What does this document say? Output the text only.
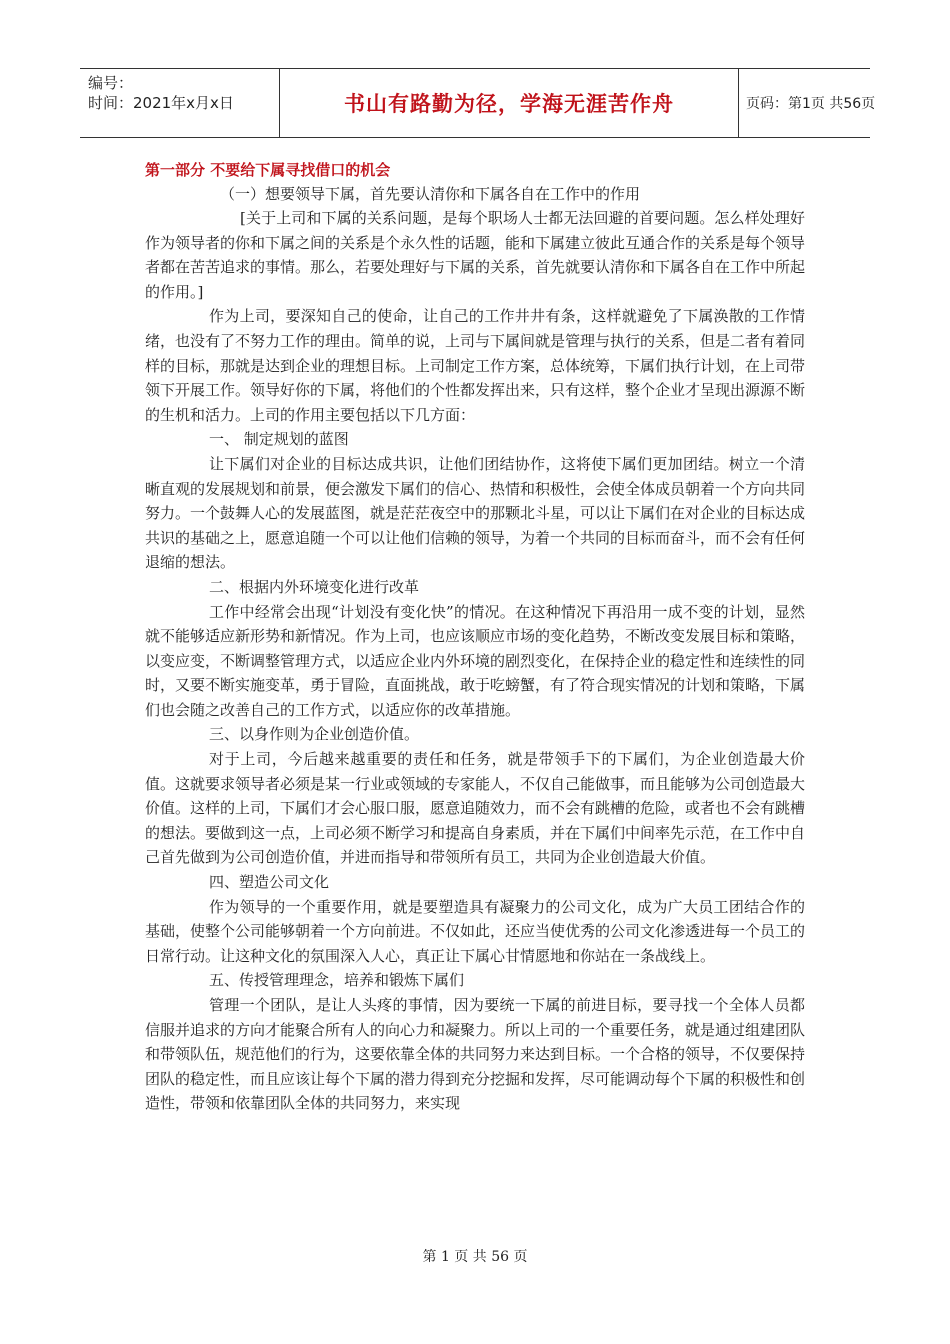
编号：
时间：2021年x月x日	书山有路勤为径，学海无涯苦作舟	页码：第1页 共56页

第一部分 不要给下属寻找借口的机会

（一）想要领导下属，首先要认清你和下属各自在工作中的作用

[关于上司和下属的关系问题，是每个职场人士都无法回避的首要问题。怎么样处理好作为领导者的你和下属之间的关系是个永久性的话题，能和下属建立彼此互通合作的关系是每个领导者都在苦苦追求的事情。那么，若要处理好与下属的关系，首先就要认清你和下属各自在工作中所起的作用。]

作为上司，要深知自己的使命，让自己的工作井井有条，这样就避免了下属涣散的工作情绪，也没有了不努力工作的理由。简单的说，上司与下属间就是管理与执行的关系，但是二者有着同样的目标，那就是达到企业的理想目标。上司制定工作方案，总体统筹，下属们执行计划，在上司带领下开展工作。领导好你的下属，将他们的个性都发挥出来，只有这样，整个企业才呈现出源源不断的生机和活力。上司的作用主要包括以下几方面：

一、 制定规划的蓝图

让下属们对企业的目标达成共识，让他们团结协作，这将使下属们更加团结。树立一个清晰直观的发展规划和前景，便会激发下属们的信心、热情和积极性，会使全体成员朝着一个方向共同努力。一个鼓舞人心的发展蓝图，就是茫茫夜空中的那颗北斗星，可以让下属们在对企业的目标达成共识的基础之上，愿意追随一个可以让他们信赖的领导，为着一个共同的目标而奋斗，而不会有任何退缩的想法。

二、根据内外环境变化进行改革

工作中经常会出现“计划没有变化快”的情况。在这种情况下再沿用一成不变的计划，显然就不能够适应新形势和新情况。作为上司，也应该顺应市场的变化趋势，不断改变发展目标和策略，以变应变，不断调整管理方式，以适应企业内外环境的剧烈变化，在保持企业的稳定性和连续性的同时，又要不断实施变革，勇于冒险，直面挑战，敢于吃螃蟹，有了符合现实情况的计划和策略，下属们也会随之改善自己的工作方式，以适应你的改革措施。

三、以身作则为企业创造价值。

对于上司，今后越来越重要的责任和任务，就是带领手下的下属们，为企业创造最大价值。这就要求领导者必须是某一行业或领域的专家能人，不仅自己能做事，而且能够为公司创造最大价值。这样的上司，下属们才会心服口服，愿意追随效力，而不会有跳槽的危险，或者也不会有跳槽的想法。要做到这一点，上司必须不断学习和提高自身素质，并在下属们中间率先示范，在工作中自己首先做到为公司创造价值，并进而指导和带领所有员工，共同为企业创造最大价值。

四、塑造公司文化

作为领导的一个重要作用，就是要塑造具有凝聚力的公司文化，成为广大员工团结合作的基础，使整个公司能够朝着一个方向前进。不仅如此，还应当使优秀的公司文化渗透进每一个员工的日常行动。让这种文化的氛围深入人心，真正让下属心甘情愿地和你站在一条战线上。

五、传授管理理念，培养和锻炼下属们

管理一个团队，是让人头疼的事情，因为要统一下属的前进目标，要寻找一个全体人员都信服并追求的方向才能聚合所有人的向心力和凝聚力。所以上司的一个重要任务，就是通过组建团队和带领队伍，规范他们的行为，这要依靠全体的共同努力来达到目标。一个合格的领导，不仅要保持团队的稳定性，而且应该让每个下属的潜力得到充分挖掘和发挥，尽可能调动每个下属的积极性和创造性，带领和依靠团队全体的共同努力，来实现

第 1 页 共 56 页
